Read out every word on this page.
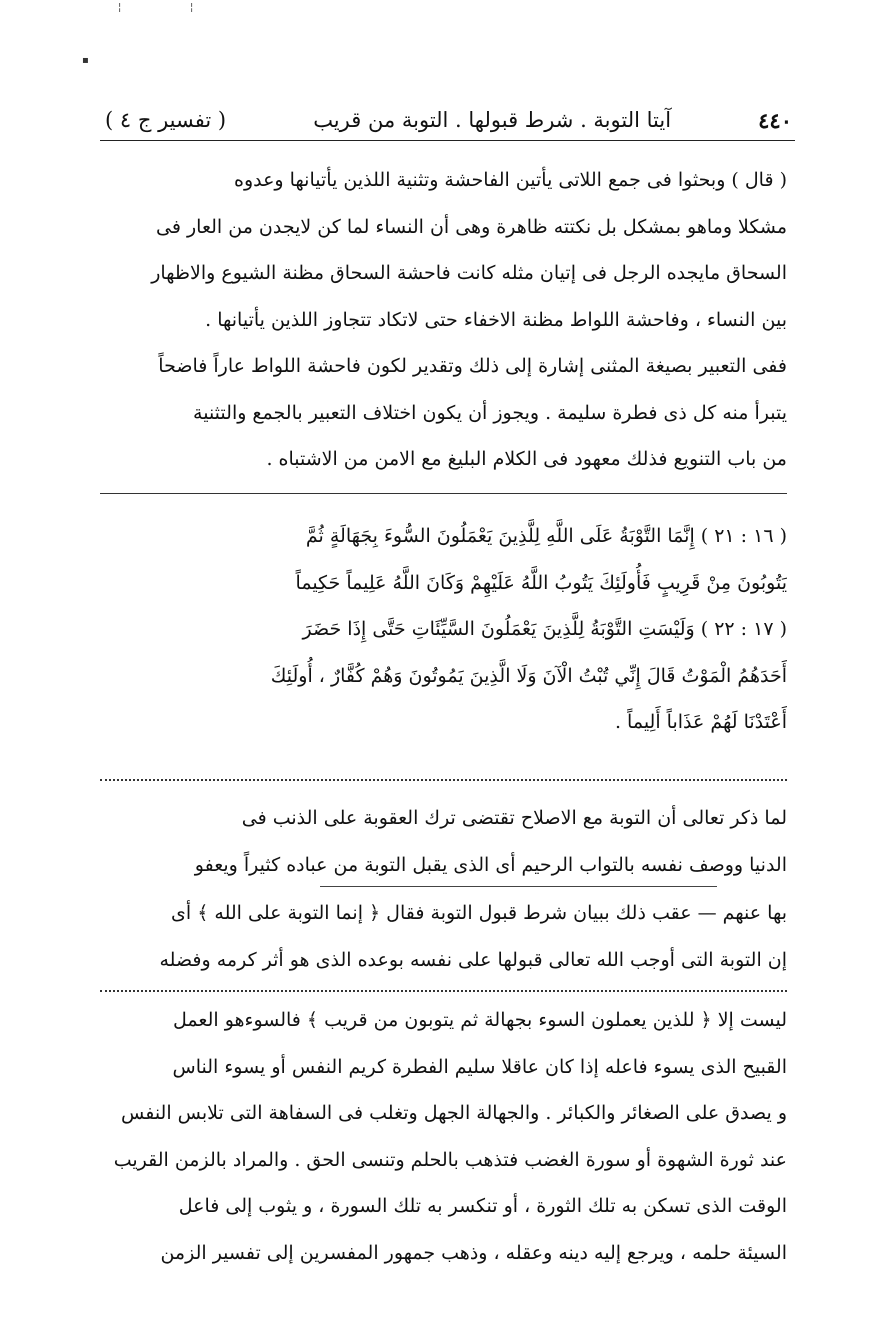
¦	¦
▪
٤٤٠
آيتا التوبة . شرط قبولها . التوبة من قريب
( تفسير ج ٤ )
( قال ) وبحثوا فى جمع اللاتى يأتين الفاحشة وتثنية اللذين يأتيانها وعدوه
مشكلا وماهو بمشكل بل نكتته ظاهرة وهى أن النساء لما كن لايجدن من العار فى
السحاق مايجده الرجل فى إتيان مثله كانت فاحشة السحاق مظنة الشيوع والاظهار
بين النساء ، وفاحشة اللواط مظنة الاخفاء حتى لاتكاد تتجاوز اللذين يأتيانها .
ففى التعبير بصيغة المثنى إشارة إلى ذلك وتقدير لكون فاحشة اللواط عاراً فاضحاً
يتبرأ منه كل ذى فطرة سليمة . ويجوز أن يكون اختلاف التعبير بالجمع والتثنية
من باب التنويع فذلك معهود فى الكلام البليغ مع الامن من الاشتباه .
( ١٦ : ٢١ ) إِنَّمَا التَّوْبَةُ عَلَى اللَّهِ لِلَّذِينَ يَعْمَلُونَ السُّوءَ بِجَهَالَةٍ ثُمَّ
يَتُوبُونَ مِنْ قَرِيبٍ فَأُولَئِكَ يَتُوبُ اللَّهُ عَلَيْهِمْ وَكَانَ اللَّهُ عَلِيماً حَكِيماً
( ١٧ : ٢٢ ) وَلَيْسَتِ التَّوْبَةُ لِلَّذِينَ يَعْمَلُونَ السَّيِّئَاتِ حَتَّى إِذَا حَضَرَ
أَحَدَهُمُ الْمَوْتُ قَالَ إِنِّي تُبْتُ الْآنَ وَلَا الَّذِينَ يَمُوتُونَ وَهُمْ كُفَّارٌ ، أُولَئِكَ
أَعْتَدْنَا لَهُمْ عَذَاباً أَلِيماً .
لما ذكر تعالى أن التوبة مع الاصلاح تقتضى ترك العقوبة على الذنب فى
الدنيا ووصف نفسه بالتواب الرحيم أى الذى يقبل التوبة من عباده كثيراً ويعفو
بها عنهم — عقب ذلك ببيان شرط قبول التوبة فقال ﴿ إنما التوبة على الله ﴾ أى
إن التوبة التى أوجب الله تعالى قبولها على نفسه بوعده الذى هو أثر كرمه وفضله
ليست إلا ﴿ للذين يعملون السوء بجهالة ثم يتوبون من قريب ﴾ فالسوءهو العمل
القبيح الذى يسوء فاعله إذا كان عاقلا سليم الفطرة كريم النفس أو يسوء الناس
و يصدق على الصغائر والكبائر . والجهالة الجهل وتغلب فى السفاهة التى تلابس النفس
عند ثورة الشهوة أو سورة الغضب فتذهب بالحلم وتنسى الحق . والمراد بالزمن القريب
الوقت الذى تسكن به تلك الثورة ، أو تنكسر به تلك السورة ، و يثوب إلى فاعل
السيئة حلمه ، ويرجع إليه دينه وعقله ، وذهب جمهور المفسرين إلى تفسير الزمن
